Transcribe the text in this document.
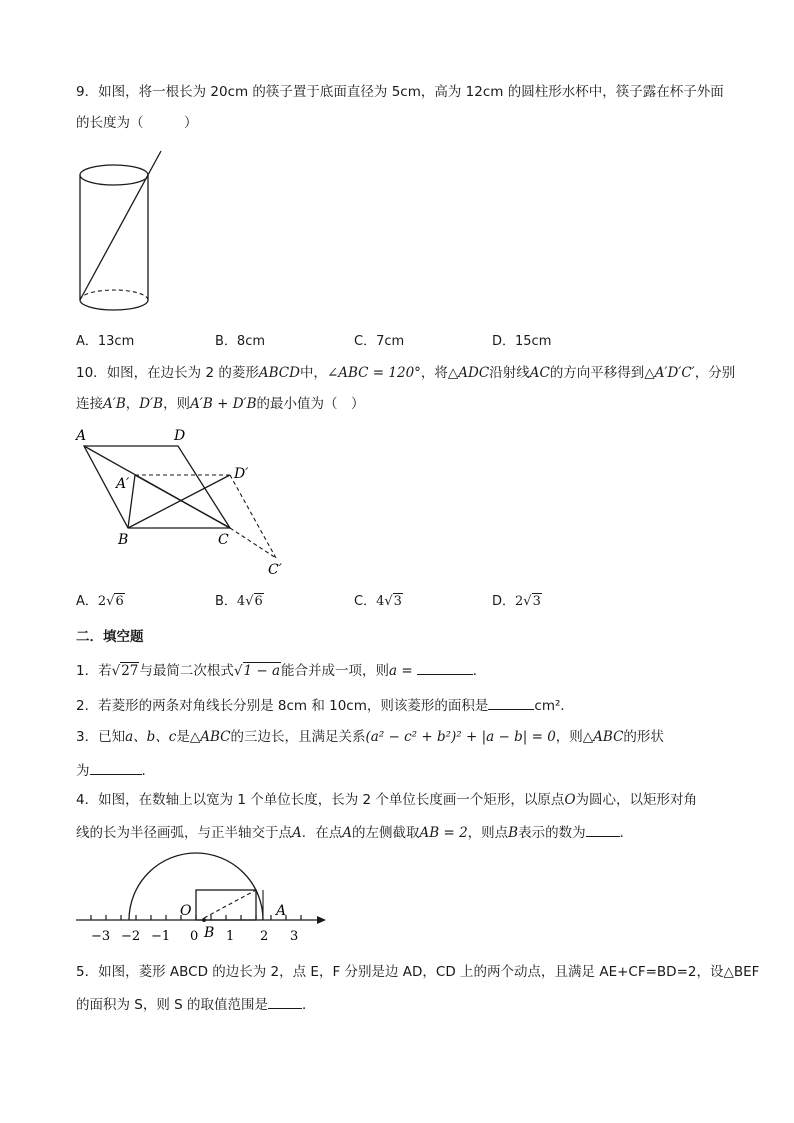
9．如图，将一根长为 20cm 的筷子置于底面直径为 5cm，高为 12cm 的圆柱形水杯中，筷子露在杯子外面
的长度为（　　　）
A．13cm	B．8cm	C．7cm	D．15cm
10．如图，在边长为 2 的菱形ABCD中，∠ABC = 120°，将△ADC沿射线AC的方向平移得到△A′D′C′，分别
连接A′B，D′B，则A′B + D′B的最小值为（　）
A	D
A′
D′
B	C
C′
A．2√6	B．4√6	C．4√3	D．2√3
二．填空题
1．若√27与最简二次根式√1 − a能合并成一项，则a =	．
2．若菱形的两条对角线长分别是 8cm 和 10cm，则该菱形的面积是	cm²．
3．已知a、b、c是△ABC的三边长，且满足关系(a² − c² + b²)² + |a − b| = 0，则△ABC的形状
为	．
4．如图，在数轴上以宽为 1 个单位长度，长为 2 个单位长度画一个矩形，以原点O为圆心，以矩形对角
线的长为半径画弧，与正半轴交于点A．在点A的左侧截取AB = 2，则点B表示的数为	．
O	A
B
−3 −2 −1 0 1 2 3
5．如图，菱形 ABCD 的边长为 2，点 E，F 分别是边 AD，CD 上的两个动点，且满足 AE+CF=BD=2，设△BEF
的面积为 S，则 S 的取值范围是	．
